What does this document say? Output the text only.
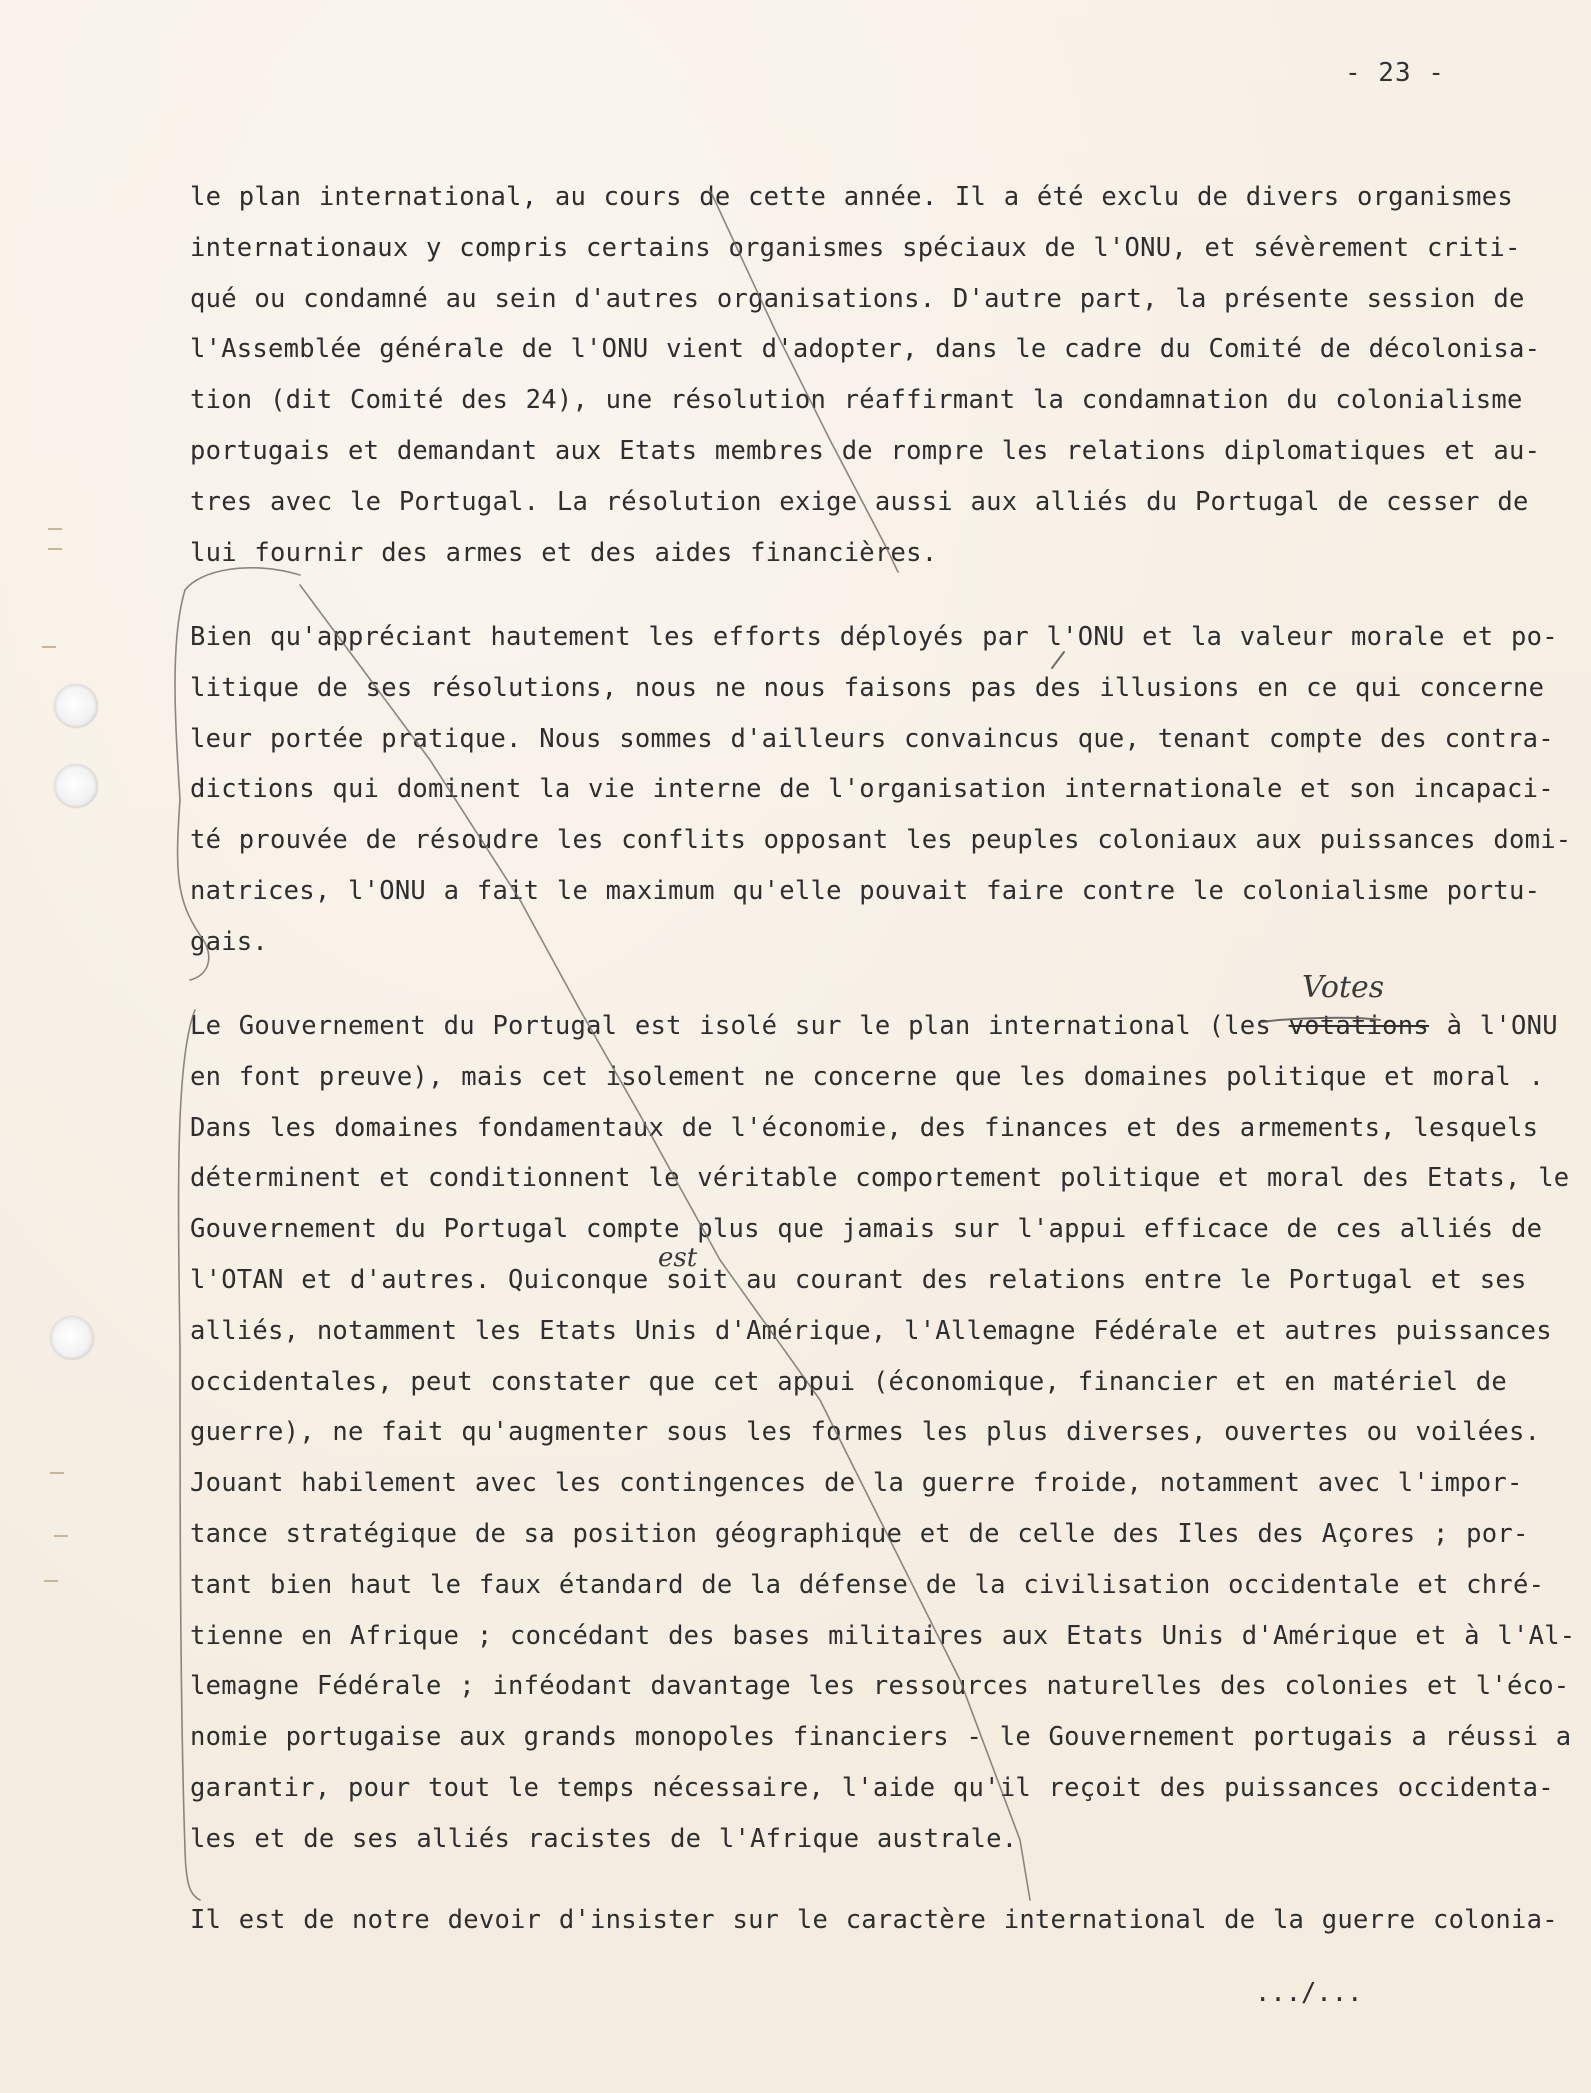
- 23 -
le plan international, au cours de cette année. Il a été exclu de divers organismes
internationaux y compris certains organismes spéciaux de l'ONU, et sévèrement criti-
qué ou condamné au sein d'autres organisations. D'autre part, la présente session de
l'Assemblée générale de l'ONU vient d'adopter, dans le cadre du Comité de décolonisa-
tion (dit Comité des 24), une résolution réaffirmant la condamnation du colonialisme
portugais et demandant aux Etats membres de rompre les relations diplomatiques et au-
tres avec le Portugal. La résolution exige aussi aux alliés du Portugal de cesser de
lui fournir des armes et des aides financières.
Bien qu'appréciant hautement les efforts déployés par l'ONU et la valeur morale et po-
litique de ses résolutions, nous ne nous faisons pas des illusions en ce qui concerne
leur portée pratique. Nous sommes d'ailleurs convaincus que, tenant compte des contra-
dictions qui dominent la vie interne de l'organisation internationale et son incapaci-
té prouvée de résoudre les conflits opposant les peuples coloniaux aux puissances domi-
natrices, l'ONU a fait le maximum qu'elle pouvait faire contre le colonialisme portu-
gais.
Le Gouvernement du Portugal est isolé sur le plan international (les votations à l'ONU
en font preuve), mais cet isolement ne concerne que les domaines politique et moral .
Dans les domaines fondamentaux de l'économie, des finances et des armements, lesquels
déterminent et conditionnent le véritable comportement politique et moral des Etats, le
Gouvernement du Portugal compte plus que jamais sur l'appui efficace de ces alliés de
l'OTAN et d'autres. Quiconque soit au courant des relations entre le Portugal et ses
alliés, notamment les Etats Unis d'Amérique, l'Allemagne Fédérale et autres puissances
occidentales, peut constater que cet appui (économique, financier et en matériel de
guerre), ne fait qu'augmenter sous les formes les plus diverses, ouvertes ou voilées.
Jouant habilement avec les contingences de la guerre froide, notamment avec l'impor-
tance stratégique de sa position géographique et de celle des Iles des Açores ; por-
tant bien haut le faux étandard de la défense de la civilisation occidentale et chré-
tienne en Afrique ; concédant des bases militaires aux Etats Unis d'Amérique et à l'Al-
lemagne Fédérale ; inféodant davantage les ressources naturelles des colonies et l'éco-
nomie portugaise aux grands monopoles financiers - le Gouvernement portugais a réussi a
garantir, pour tout le temps nécessaire, l'aide qu'il reçoit des puissances occidenta-
les et de ses alliés racistes de l'Afrique australe.
Il est de notre devoir d'insister sur le caractère international de la guerre colonia-
Votes
est
.../...
